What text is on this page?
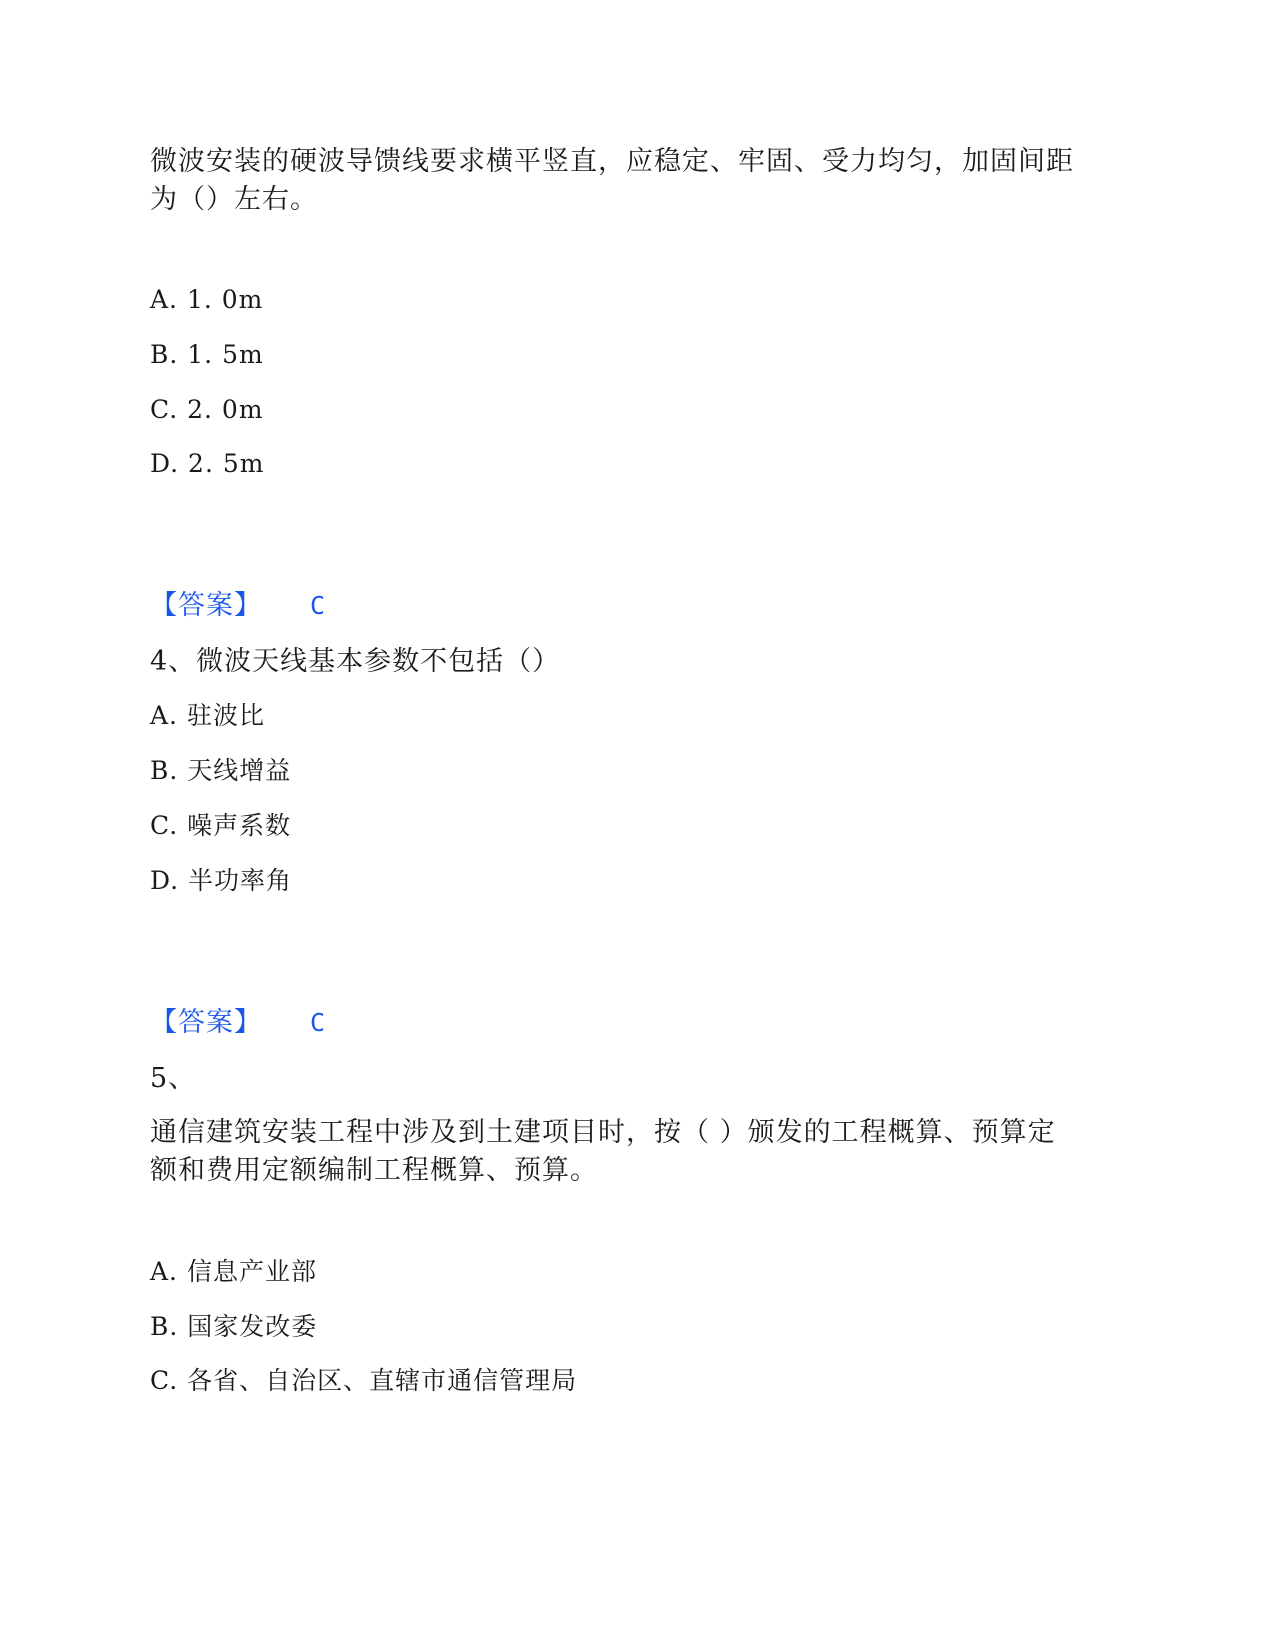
微波安装的硬波导馈线要求横平竖直，应稳定、牢固、受力均匀，加固间距
为（）左右。
A. 1. 0m
B. 1. 5m
C. 2. 0m
D. 2. 5m
【答案】 C
4、微波天线基本参数不包括（）
A. 驻波比
B. 天线增益
C. 噪声系数
D. 半功率角
【答案】 C
5、
通信建筑安装工程中涉及到土建项目时，按（ ）颁发的工程概算、预算定
额和费用定额编制工程概算、预算。
A. 信息产业部
B. 国家发改委
C. 各省、自治区、直辖市通信管理局
